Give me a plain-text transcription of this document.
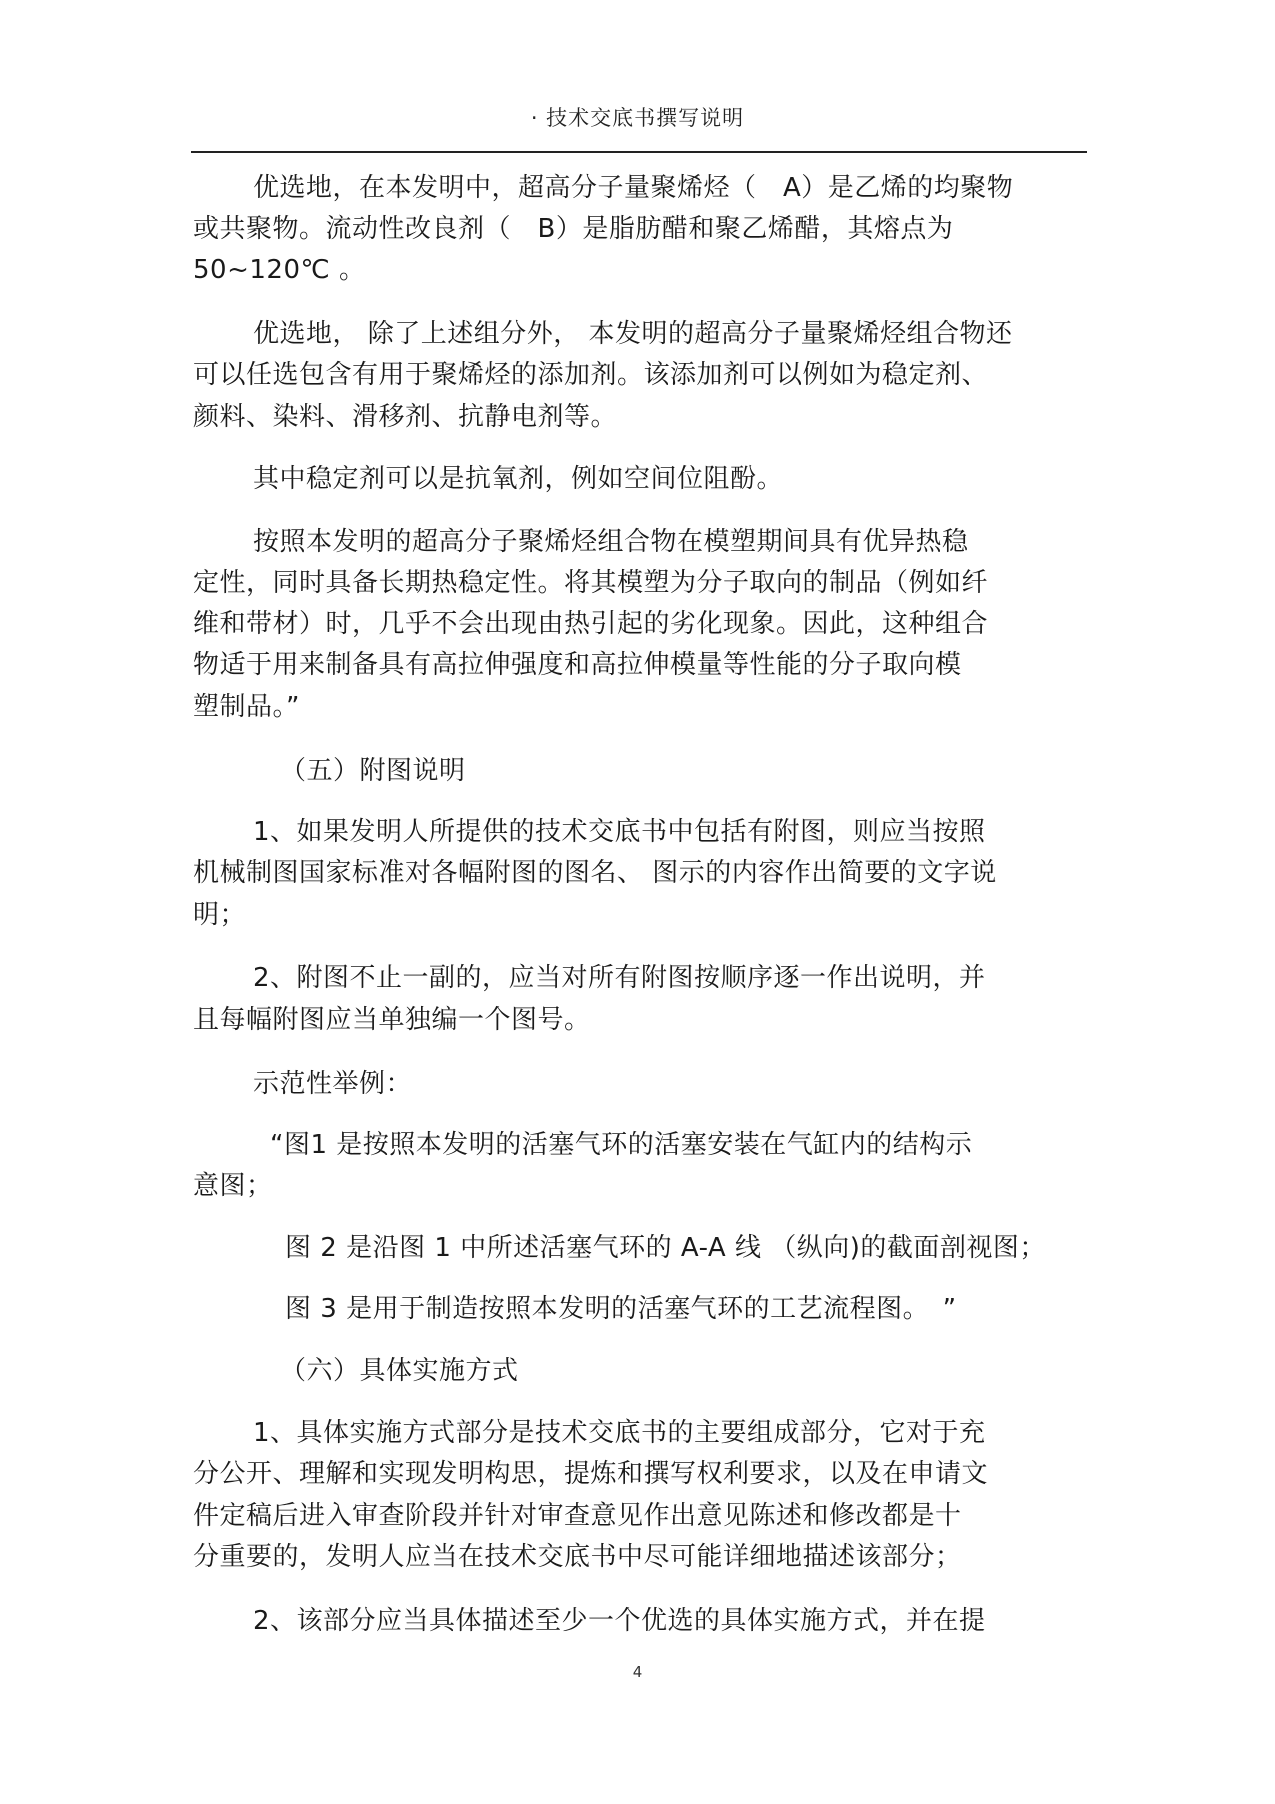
· 技术交底书撰写说明
优选地，在本发明中，超高分子量聚烯烃（　A）是乙烯的均聚物
或共聚物。流动性改良剂（　B）是脂肪醋和聚乙烯醋，其熔点为
50~120℃ 。
优选地， 除了上述组分外， 本发明的超高分子量聚烯烃组合物还
可以任选包含有用于聚烯烃的添加剂。该添加剂可以例如为稳定剂、
颜料、染料、滑移剂、抗静电剂等。
其中稳定剂可以是抗氧剂，例如空间位阻酚。
按照本发明的超高分子聚烯烃组合物在模塑期间具有优异热稳
定性，同时具备长期热稳定性。将其模塑为分子取向的制品（例如纤
维和带材）时，几乎不会出现由热引起的劣化现象。因此，这种组合
物适于用来制备具有高拉伸强度和高拉伸模量等性能的分子取向模
塑制品。”
（五）附图说明
1、如果发明人所提供的技术交底书中包括有附图，则应当按照
机械制图国家标准对各幅附图的图名、 图示的内容作出简要的文字说
明；
2、附图不止一副的，应当对所有附图按顺序逐一作出说明，并
且每幅附图应当单独编一个图号。
示范性举例：
“图1 是按照本发明的活塞气环的活塞安装在气缸内的结构示
意图；
图 2 是沿图 1 中所述活塞气环的 A-A 线 （纵向)的截面剖视图；
图 3 是用于制造按照本发明的活塞气环的工艺流程图。　”
（六）具体实施方式
1、具体实施方式部分是技术交底书的主要组成部分，它对于充
分公开、理解和实现发明构思，提炼和撰写权利要求，以及在申请文
件定稿后进入审查阶段并针对审查意见作出意见陈述和修改都是十
分重要的，发明人应当在技术交底书中尽可能详细地描述该部分；
2、该部分应当具体描述至少一个优选的具体实施方式，并在提
4
